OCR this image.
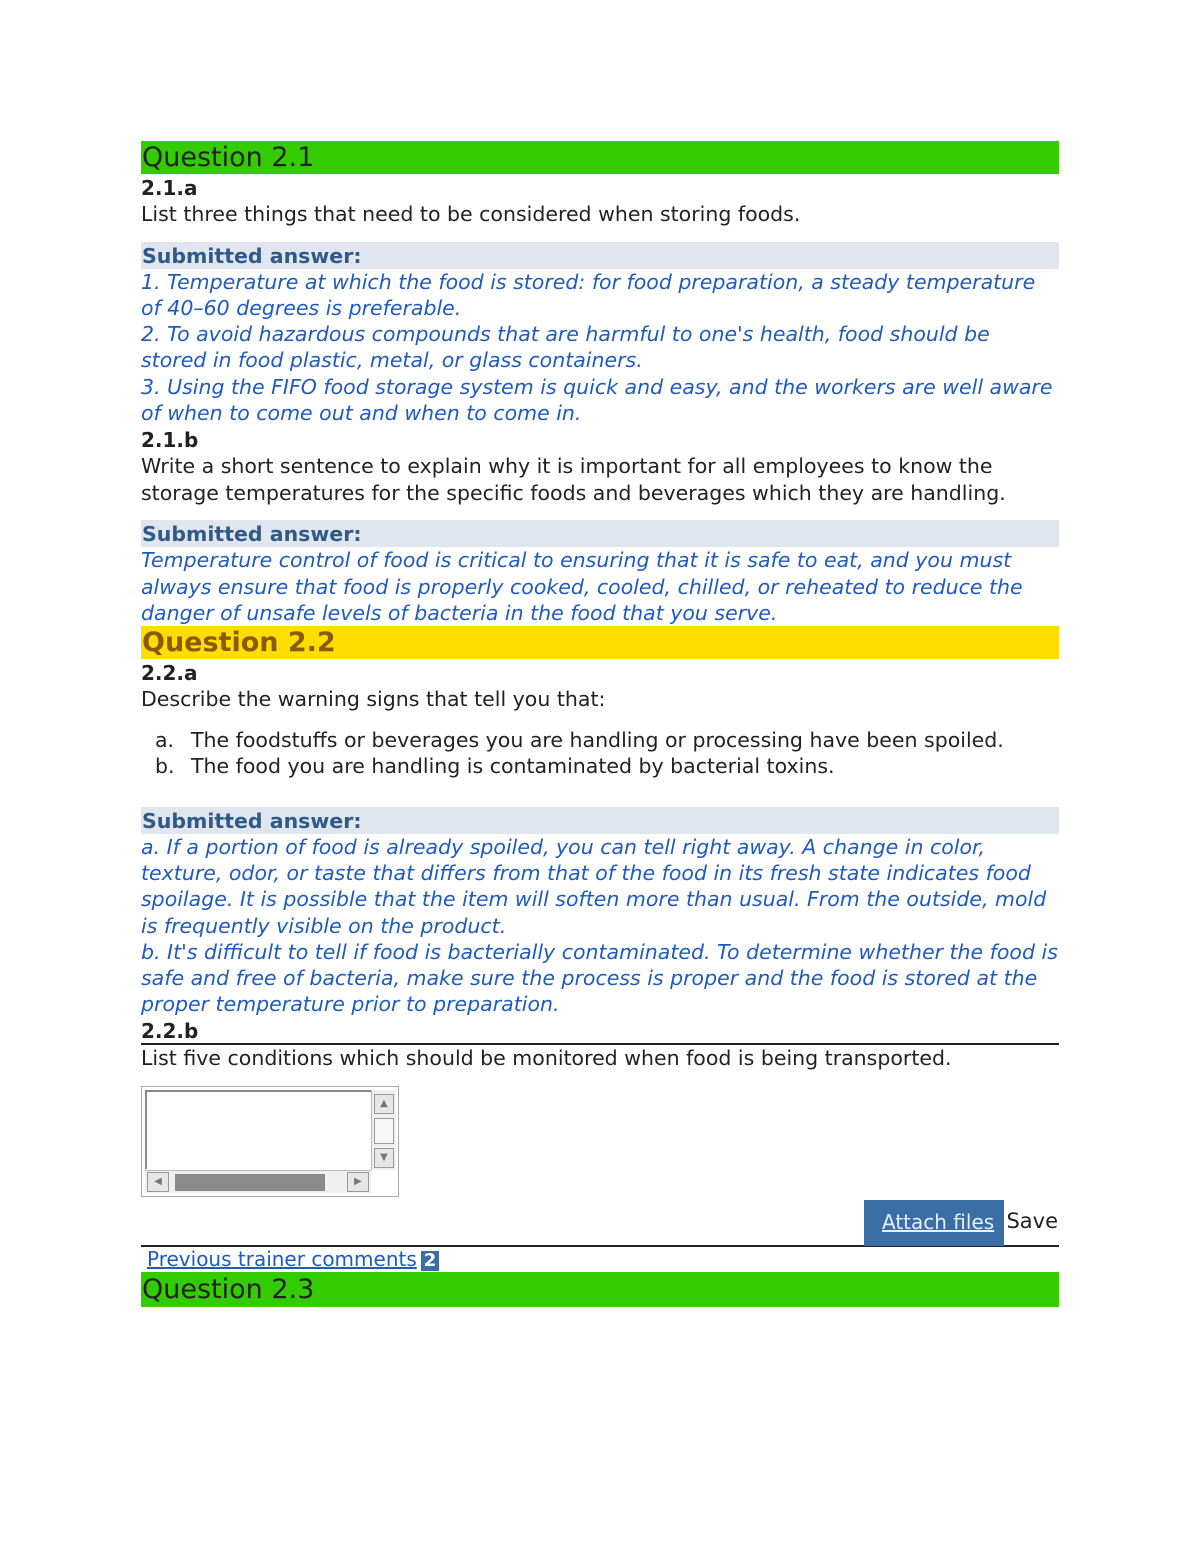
Question 2.1
2.1.a
List three things that need to be considered when storing foods.
Submitted answer:
1. Temperature at which the food is stored: for food preparation, a steady temperature of 40–60 degrees is preferable.
2. To avoid hazardous compounds that are harmful to one's health, food should be stored in food plastic, metal, or glass containers.
3. Using the FIFO food storage system is quick and easy, and the workers are well aware of when to come out and when to come in.
2.1.b
Write a short sentence to explain why it is important for all employees to know the storage temperatures for the specific foods and beverages which they are handling.
Submitted answer:
Temperature control of food is critical to ensuring that it is safe to eat, and you must always ensure that food is properly cooked, cooled, chilled, or reheated to reduce the danger of unsafe levels of bacteria in the food that you serve.
Question 2.2
2.2.a
Describe the warning signs that tell you that:
a. The foodstuffs or beverages you are handling or processing have been spoiled.
b. The food you are handling is contaminated by bacterial toxins.
Submitted answer:
a. If a portion of food is already spoiled, you can tell right away. A change in color, texture, odor, or taste that differs from that of the food in its fresh state indicates food spoilage. It is possible that the item will soften more than usual. From the outside, mold is frequently visible on the product.
b. It's difficult to tell if food is bacterially contaminated. To determine whether the food is safe and free of bacteria, make sure the process is proper and the food is stored at the proper temperature prior to preparation.
2.2.b
List five conditions which should be monitored when food is being transported.
▲
▼
◀	▶
Attach files Save
Previous trainer comments 2
Question 2.3
